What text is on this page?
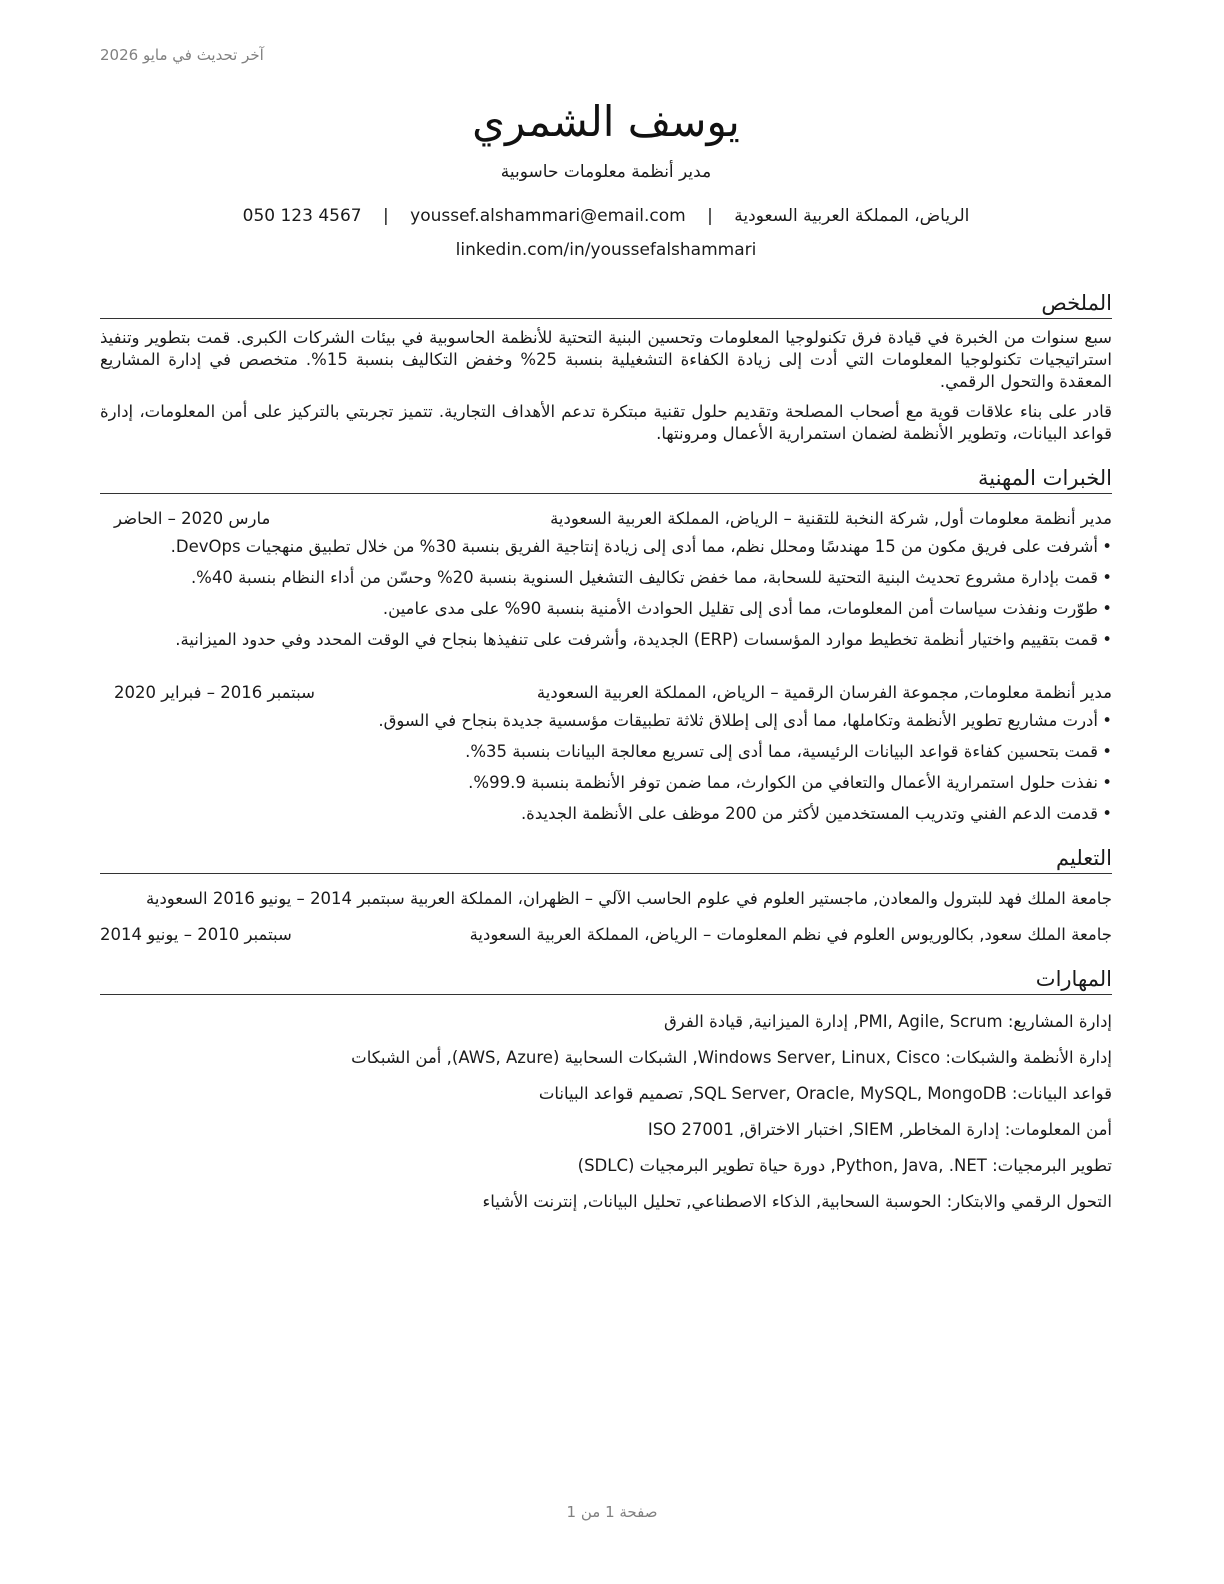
آخر تحديث في مايو 2026
يوسف الشمري
مدير أنظمة معلومات حاسوبية
الرياض، المملكة العربية السعودية | youssef.alshammari@email.com | 050 123 4567
linkedin.com/in/youssefalshammari
الملخص

سبع سنوات من الخبرة في قيادة فرق تكنولوجيا المعلومات وتحسين البنية التحتية للأنظمة الحاسوبية في بيئات الشركات الكبرى. قمت بتطوير وتنفيذ استراتيجيات تكنولوجيا المعلومات التي أدت إلى زيادة الكفاءة التشغيلية بنسبة 25% وخفض التكاليف بنسبة 15%. متخصص في إدارة المشاريع المعقدة والتحول الرقمي.

قادر على بناء علاقات قوية مع أصحاب المصلحة وتقديم حلول تقنية مبتكرة تدعم الأهداف التجارية. تتميز تجربتي بالتركيز على أمن المعلومات، إدارة قواعد البيانات، وتطوير الأنظمة لضمان استمرارية الأعمال ومرونتها.

الخبرات المهنية
مدير أنظمة معلومات أول, شركة النخبة للتقنية – الرياض، المملكة العربية السعودية
مارس 2020 – الحاضر
•
أشرفت على فريق مكون من 15 مهندسًا ومحلل نظم، مما أدى إلى زيادة إنتاجية الفريق بنسبة 30% من خلال تطبيق منهجيات DevOps.
•
قمت بإدارة مشروع تحديث البنية التحتية للسحابة، مما خفض تكاليف التشغيل السنوية بنسبة 20% وحسّن من أداء النظام بنسبة 40%.
•
طوّرت ونفذت سياسات أمن المعلومات، مما أدى إلى تقليل الحوادث الأمنية بنسبة 90% على مدى عامين.
•
قمت بتقييم واختيار أنظمة تخطيط موارد المؤسسات (ERP) الجديدة، وأشرفت على تنفيذها بنجاح في الوقت المحدد وفي حدود الميزانية.
مدير أنظمة معلومات, مجموعة الفرسان الرقمية – الرياض، المملكة العربية السعودية
سبتمبر 2016 – فبراير 2020
•
أدرت مشاريع تطوير الأنظمة وتكاملها، مما أدى إلى إطلاق ثلاثة تطبيقات مؤسسية جديدة بنجاح في السوق.
•
قمت بتحسين كفاءة قواعد البيانات الرئيسية، مما أدى إلى تسريع معالجة البيانات بنسبة 35%.
•
نفذت حلول استمرارية الأعمال والتعافي من الكوارث، مما ضمن توفر الأنظمة بنسبة 99.9%.
•
قدمت الدعم الفني وتدريب المستخدمين لأكثر من 200 موظف على الأنظمة الجديدة.
التعليم
جامعة الملك فهد للبترول والمعادن, ماجستير العلوم في علوم الحاسب الآلي – الظهران، المملكة العربية سبتمبر 2014 – يونيو 2016 السعودية
جامعة الملك سعود, بكالوريوس العلوم في نظم المعلومات – الرياض، المملكة العربية السعودية
سبتمبر 2010 – يونيو 2014
المهارات
إدارة المشاريع: PMI, Agile, Scrum, إدارة الميزانية, قيادة الفرق
إدارة الأنظمة والشبكات: Windows Server, Linux, Cisco, الشبكات السحابية (AWS, Azure), أمن الشبكات
قواعد البيانات: SQL Server, Oracle, MySQL, MongoDB, تصميم قواعد البيانات
أمن المعلومات: إدارة المخاطر, SIEM, اختبار الاختراق, ISO 27001
تطوير البرمجيات: Python, Java, .NET, دورة حياة تطوير البرمجيات (SDLC)
التحول الرقمي والابتكار: الحوسبة السحابية, الذكاء الاصطناعي, تحليل البيانات, إنترنت الأشياء
صفحة 1 من 1
